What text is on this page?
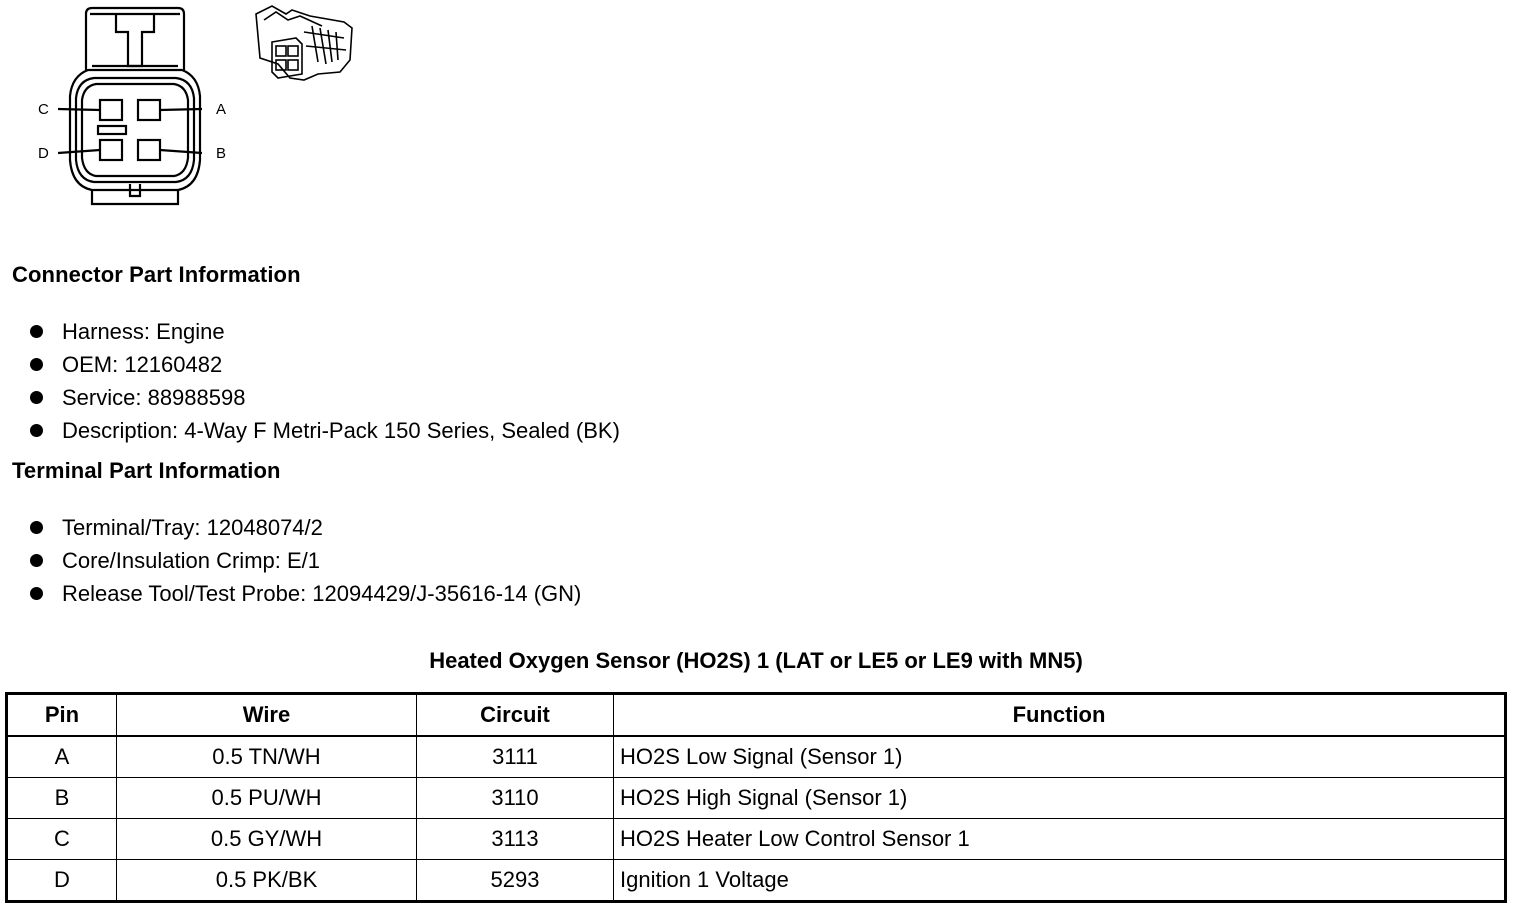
C	A
D	B
Connector Part Information
Harness: Engine
OEM: 12160482
Service: 88988598
Description: 4-Way F Metri-Pack 150 Series, Sealed (BK)
Terminal Part Information
Terminal/Tray: 12048074/2
Core/Insulation Crimp: E/1
Release Tool/Test Probe: 12094429/J-35616-14 (GN)
Heated Oxygen Sensor (HO2S) 1 (LAT or LE5 or LE9 with MN5)
Pin	Wire	Circuit	Function
A	0.5 TN/WH	3111	HO2S Low Signal (Sensor 1)
B	0.5 PU/WH	3110	HO2S High Signal (Sensor 1)
C	0.5 GY/WH	3113	HO2S Heater Low Control Sensor 1
D	0.5 PK/BK	5293	Ignition 1 Voltage
